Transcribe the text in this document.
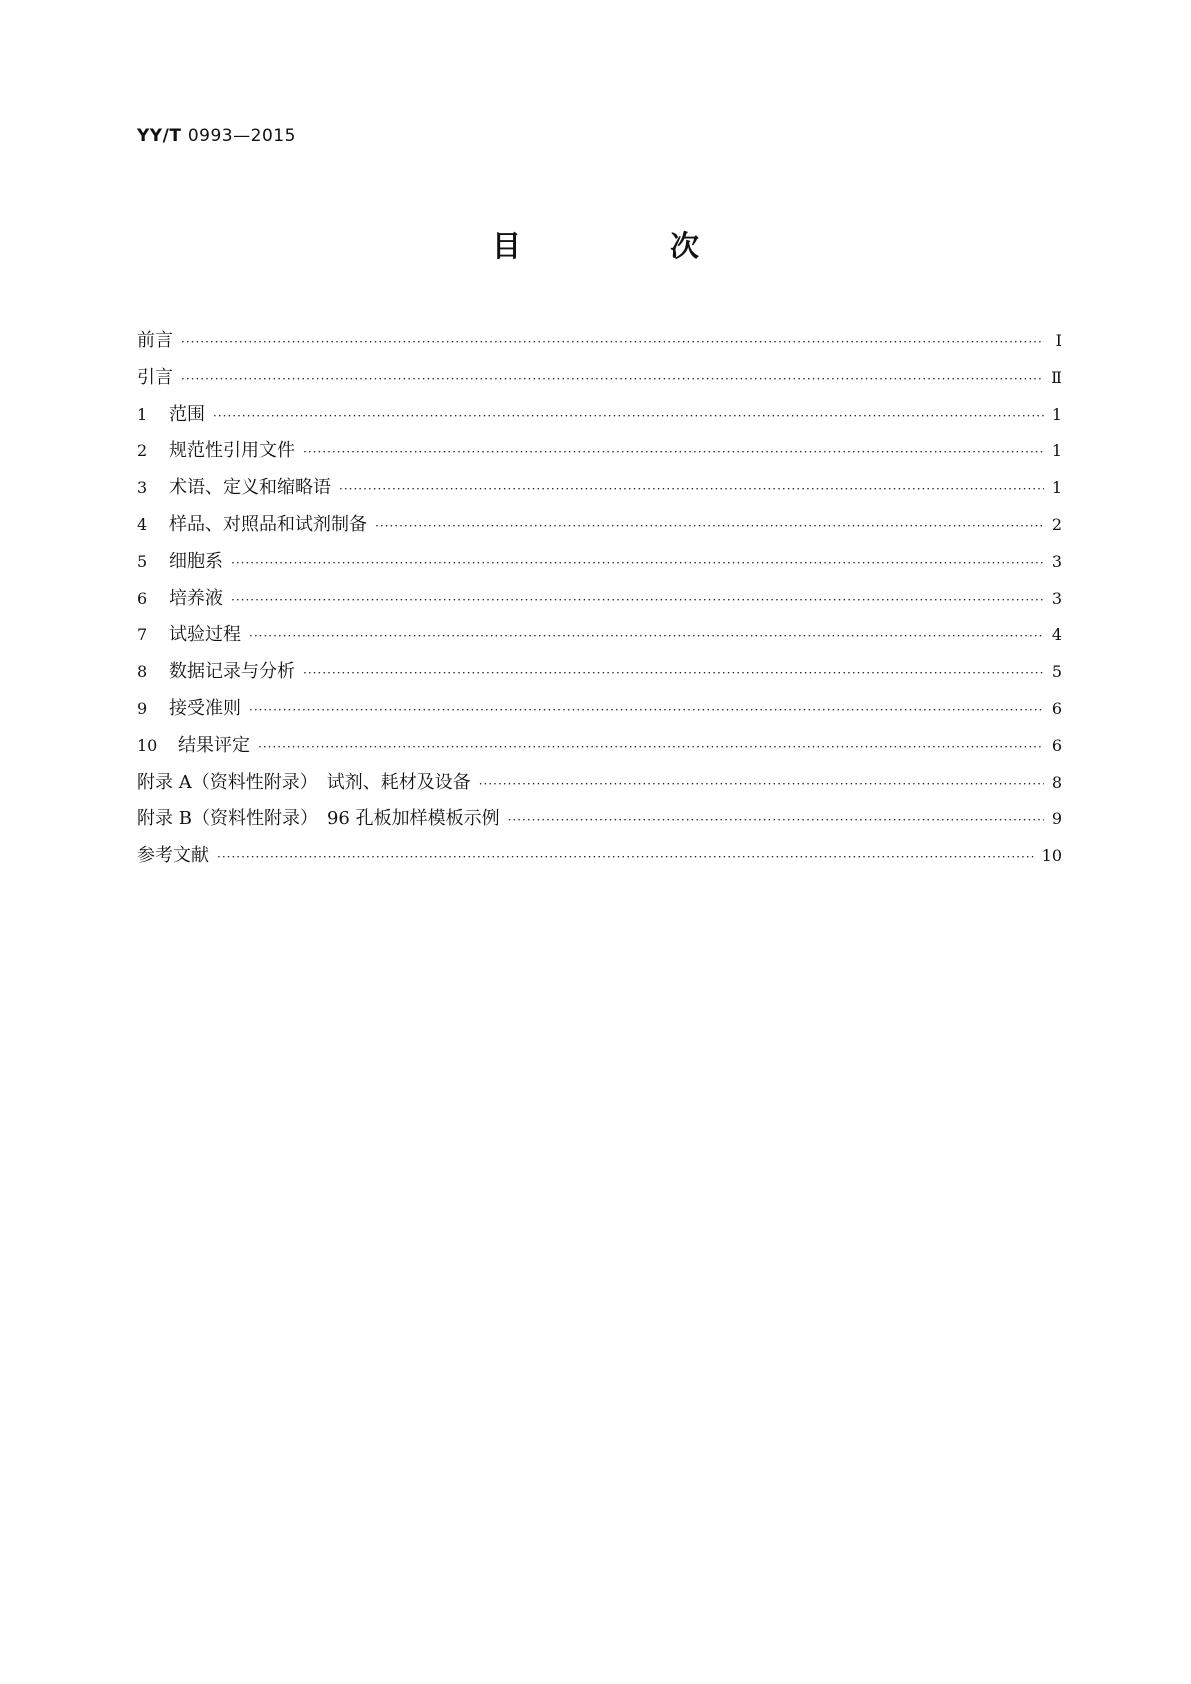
YY/T 0993—2015
目　次
前言 ·····	Ⅰ
引言 ·····	Ⅱ
1	范围 ·····	1
2	规范性引用文件 ·····	1
3	术语、定义和缩略语 ·····	1
4	样品、对照品和试剂制备 ·····	2
5	细胞系 ·····	3
6	培养液 ·····	3
7	试验过程 ·····	4
8	数据记录与分析 ·····	5
9	接受准则 ·····	6
10	结果评定 ·····	6
附录 A（资料性附录）　试剂、耗材及设备 ·····	8
附录 B（资料性附录）　96 孔板加样模板示例 ·····	9
参考文献 ·····	10
